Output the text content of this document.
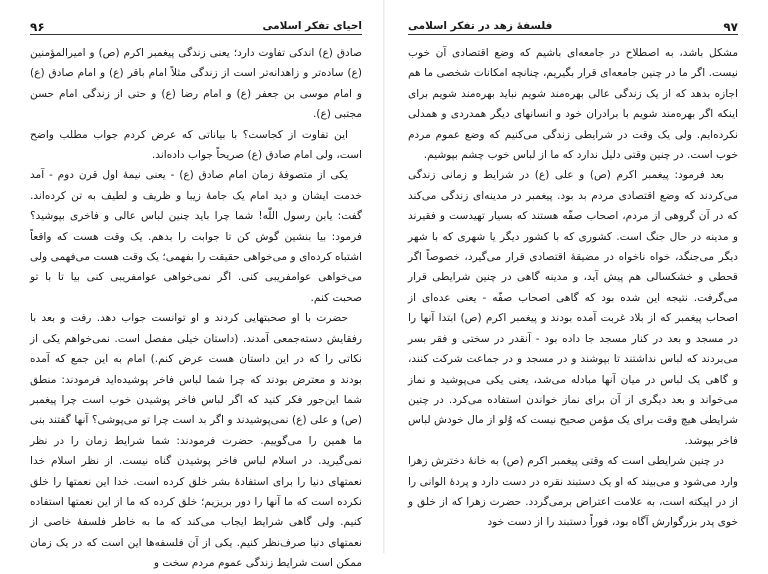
احیای تفکر اسلامی
۹۶

صادق (ع) اندکی تفاوت دارد؛ یعنی زندگی پیغمبر اکرم (ص) و امیرالمؤمنین (ع) ساده‌تر و زاهدانه‌تر است از زندگی مثلاً امام باقر (ع) و امام صادق (ع) و امام موسی بن جعفر (ع) و امام رضا (ع) و حتی از زندگی امام حسن مجتبی (ع).

این تفاوت از کجاست؟ با بیاناتی که عرض کردم جواب مطلب واضح است، ولی امام صادق (ع) صریحاً جواب داده‌اند.

یکی از متصوفهٔ زمان امام صادق (ع) - یعنی نیمهٔ اول قرن دوم - آمد خدمت ایشان و دید امام یک جامهٔ زیبا و ظریف و لطیف به تن کرده‌اند. گفت: یابن رسول اللّٰه! شما چرا باید چنین لباس عالی و فاخری بپوشید؟ فرمود: بیا بنشین گوش کن تا جوابت را بدهم. یک وقت هست که واقعاً اشتباه کرده‌ای و می‌خواهی حقیقت را بفهمی؛ یک وقت هست می‌فهمی ولی می‌خواهی عوامفریبی کنی. اگر نمی‌خواهی عوامفریبی کنی بیا تا با تو صحبت کنم.

حضرت با او صحبتهایی کردند و او توانست جواب دهد. رفت و بعد با رفقایش دسته‌جمعی آمدند. (داستان خیلی مفصل است. نمی‌خواهم یکی از نکاتی را که در این داستان هست عرض کنم.) امام به این جمع که آمده بودند و معترض بودند که چرا شما لباس فاخر پوشیده‌اید فرمودند: منطق شما این‌جور فکر کنید که اگر لباس فاخر پوشیدن خوب است چرا پیغمبر (ص) و علی (ع) نمی‌پوشیدند و اگر بد است چرا تو می‌پوشی؟ آنها گفتند بنی ما همین را می‌گوییم. حضرت فرمودند: شما شرایط زمان را در نظر نمی‌گیرید. در اسلام لباس فاخر پوشیدن گناه نیست. از نظر اسلام خدا نعمتهای دنیا را برای استفادهٔ بشر خلق کرده است. خدا این نعمتها را خلق نکرده است که ما آنها را دور بریزیم؛ خلق کرده که ما از این نعمتها استفاده کنیم. ولی گاهی شرایط ایجاب می‌کند که ما به خاطر فلسفهٔ خاصی از نعمتهای دنیا صرف‌نظر کنیم. یکی از آن فلسفه‌ها این است که در یک زمان ممکن است شرایط زندگی عموم مردم سخت و

۹۷
فلسفهٔ زهد در تفکر اسلامی

مشکل باشد، به اصطلاح در جامعه‌ای باشیم که وضع اقتصادی آن خوب نیست. اگر ما در چنین جامعه‌ای قرار بگیریم، چنانچه امکانات شخصی ما هم اجازه بدهد که از یک زندگی عالی بهره‌مند شویم نباید بهره‌مند شویم برای اینکه اگر بهره‌مند شویم با برادران خود و انسانهای دیگر همدردی و همدلی نکرده‌ایم. ولی یک وقت در شرایطی زندگی می‌کنیم که وضع عموم مردم خوب است. در چنین وقتی دلیل ندارد که ما از لباس خوب چشم بپوشیم.

بعد فرمود: پیغمبر اکرم (ص) و علی (ع) در شرایط و زمانی زندگی می‌کردند که وضع اقتصادی مردم بد بود. پیغمبر در مدینه‌ای زندگی می‌کند که در آن گروهی از مردم، اصحاب صفّه هستند که بسیار تهیدست و فقیرند و مدینه در حال جنگ است. کشوری که با کشور دیگر یا شهری که با شهر دیگر می‌جنگد، خواه ناخواه در مضیقهٔ اقتصادی قرار می‌گیرد، خصوصاً اگر قحطی و خشکسالی هم پیش آید، و مدینه گاهی در چنین شرایطی قرار می‌گرفت. نتیجه این شده بود که گاهی اصحاب صفّه - یعنی عده‌ای از اصحاب پیغمبر که از بلاد غربت آمده بودند و پیغمبر اکرم (ص) ابتدا آنها را در مسجد و بعد در کنار مسجد جا داده بود - آنقدر در سختی و فقر بسر می‌بردند که لباس نداشتند تا بپوشند و در مسجد و در جماعت شرکت کنند، و گاهی یک لباس در میان آنها مبادله می‌شد، یعنی یکی می‌پوشید و نماز می‌خواند و بعد دیگری از آن برای نماز خواندن استفاده می‌کرد. در چنین شرایطی هیچ وقت برای یک مؤمن صحیح نیست که وُلو از مال خودش لباس فاخر بپوشد.

در چنین شرایطی است که وقتی پیغمبر اکرم (ص) به خانهٔ دخترش زهرا وارد می‌شود و می‌بیند که او یک دستبند نقره در دست دارد و پردهٔ الوانی را از در اپیکته است، به علامت اعتراض برمی‌گردد. حضرت زهرا که از خلق و خوی پدر بزرگوارش آگاه بود، فوراً دستبند را از دست خود
